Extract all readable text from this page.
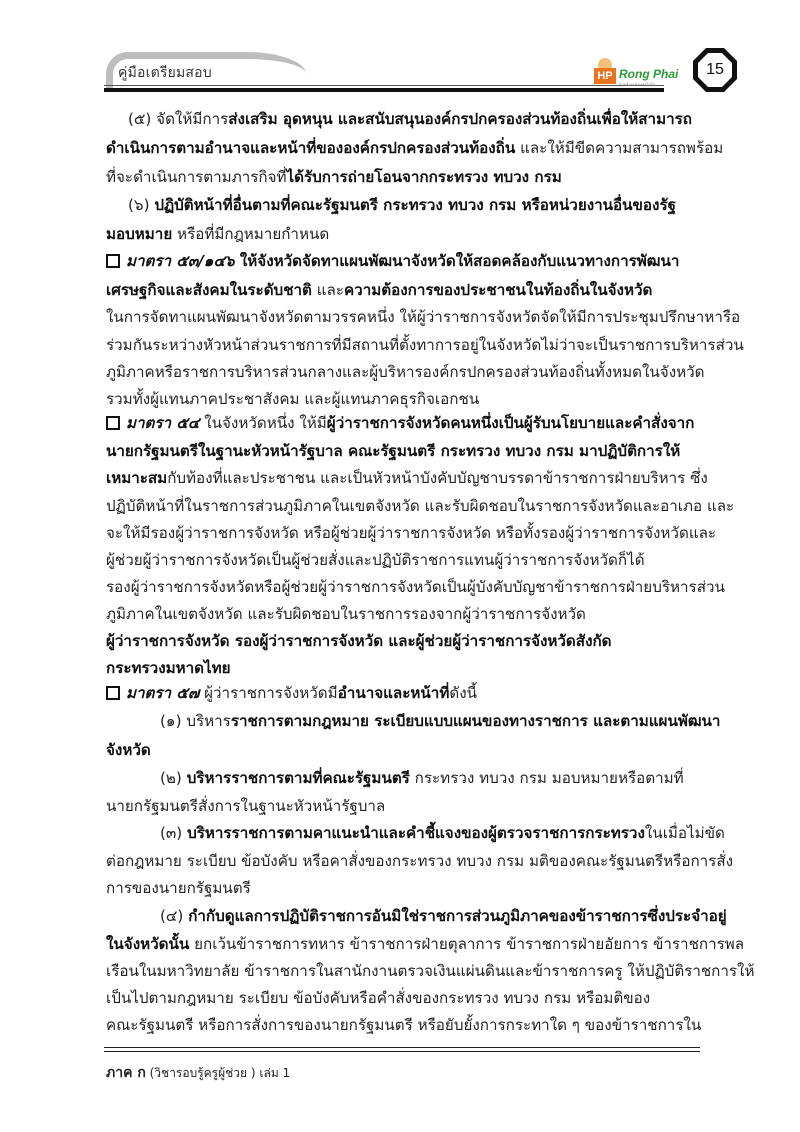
คู่มือเตรียมสอบ	HP Rong Phai
ฝ่ากล้ามเคลงลงไปใน
15
(๕) จัดให้มีการส่งเสริม อุดหนุน และสนับสนุนองค์กรปกครองส่วนท้องถิ่นเพื่อให้สามารถ
ดำเนินการตามอำนาจและหน้าที่ขององค์กรปกครองส่วนท้องถิ่น และให้มีขีดความสามารถพร้อม
ที่จะดำเนินการตามภารกิจที่ได้รับการถ่ายโอนจากกระทรวง ทบวง กรม
(๖) ปฏิบัติหน้าที่อื่นตามที่คณะรัฐมนตรี กระทรวง ทบวง กรม หรือหน่วยงานอื่นของรัฐ
มอบหมาย หรือที่มีกฎหมายกำหนด
มาตรา ๕๓/๑๔๖ ให้จังหวัดจัดทาแผนพัฒนาจังหวัดให้สอดคล้องกับแนวทางการพัฒนา
เศรษฐกิจและสังคมในระดับชาติ และความต้องการของประชาชนในท้องถิ่นในจังหวัด
ในการจัดทาแผนพัฒนาจังหวัดตามวรรคหนึ่ง ให้ผู้ว่าราชการจังหวัดจัดให้มีการประชุมปรึกษาหารือ
ร่วมกันระหว่างหัวหน้าส่วนราชการที่มีสถานที่ตั้งทาการอยู่ในจังหวัดไม่ว่าจะเป็นราชการบริหารส่วน
ภูมิภาคหรือราชการบริหารส่วนกลางและผู้บริหารองค์กรปกครองส่วนท้องถิ่นทั้งหมดในจังหวัด
รวมทั้งผู้แทนภาคประชาสังคม และผู้แทนภาคธุรกิจเอกชน
มาตรา ๕๔ ในจังหวัดหนึ่ง ให้มีผู้ว่าราชการจังหวัดคนหนึ่งเป็นผู้รับนโยบายและคำสั่งจาก
นายกรัฐมนตรีในฐานะหัวหน้ารัฐบาล คณะรัฐมนตรี กระทรวง ทบวง กรม มาปฏิบัติการให้
เหมาะสมกับท้องที่และประชาชน และเป็นหัวหน้าบังคับบัญชาบรรดาข้าราชการฝ่ายบริหาร ซึ่ง
ปฏิบัติหน้าที่ในราชการส่วนภูมิภาคในเขตจังหวัด และรับผิดชอบในราชการจังหวัดและอาเภอ และ
จะให้มีรองผู้ว่าราชการจังหวัด หรือผู้ช่วยผู้ว่าราชการจังหวัด หรือทั้งรองผู้ว่าราชการจังหวัดและ
ผู้ช่วยผู้ว่าราชการจังหวัดเป็นผู้ช่วยสั่งและปฏิบัติราชการแทนผู้ว่าราชการจังหวัดก็ได้
รองผู้ว่าราชการจังหวัดหรือผู้ช่วยผู้ว่าราชการจังหวัดเป็นผู้บังคับบัญชาข้าราชการฝ่ายบริหารส่วน
ภูมิภาคในเขตจังหวัด และรับผิดชอบในราชการรองจากผู้ว่าราชการจังหวัด
ผู้ว่าราชการจังหวัด รองผู้ว่าราชการจังหวัด และผู้ช่วยผู้ว่าราชการจังหวัดสังกัด
กระทรวงมหาดไทย
มาตรา ๕๗ ผู้ว่าราชการจังหวัดมีอำนาจและหน้าที่ดังนี้
(๑) บริหารราชการตามกฎหมาย ระเบียบแบบแผนของทางราชการ และตามแผนพัฒนา
จังหวัด
(๒) บริหารราชการตามที่คณะรัฐมนตรี กระทรวง ทบวง กรม มอบหมายหรือตามที่
นายกรัฐมนตรีสั่งการในฐานะหัวหน้ารัฐบาล
(๓) บริหารราชการตามคาแนะนำและคำชี้แจงของผู้ตรวจราชการกระทรวงในเมื่อไม่ขัด
ต่อกฎหมาย ระเบียบ ข้อบังคับ หรือคาสั่งของกระทรวง ทบวง กรม มติของคณะรัฐมนตรีหรือการสั่ง
การของนายกรัฐมนตรี
(๔) กำกับดูแลการปฏิบัติราชการอันมิใช่ราชการส่วนภูมิภาคของข้าราชการซึ่งประจำอยู่
ในจังหวัดนั้น ยกเว้นข้าราชการทหาร ข้าราชการฝ่ายตุลาการ ข้าราชการฝ่ายอัยการ ข้าราชการพล
เรือนในมหาวิทยาลัย ข้าราชการในสานักงานตรวจเงินแผ่นดินและข้าราชการครู ให้ปฏิบัติราชการให้
เป็นไปตามกฎหมาย ระเบียบ ข้อบังคับหรือคำสั่งของกระทรวง ทบวง กรม หรือมติของ
คณะรัฐมนตรี หรือการสั่งการของนายกรัฐมนตรี หรือยับยั้งการกระทาใด ๆ ของข้าราชการใน
ภาค ก (วิชารอบรู้ครูผู้ช่วย ) เล่ม 1
